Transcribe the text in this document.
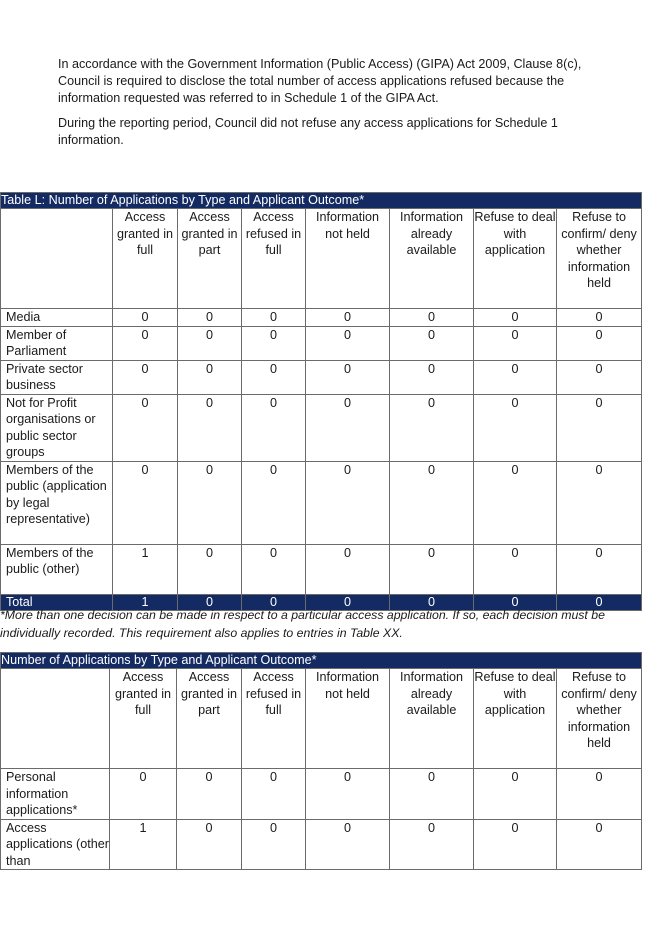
In accordance with the Government Information (Public Access) (GIPA) Act 2009, Clause 8(c), Council is required to disclose the total number of access applications refused because the information requested was referred to in Schedule 1 of the GIPA Act.

During the reporting period, Council did not refuse any access applications for Schedule 1 information.

Table L: Number of Applications by Type and Applicant Outcome*							
	Access granted in full	Access granted in part	Access refused in full	Information not held	Information already available	Refuse to deal with application	Refuse to confirm/ deny whether information held
Media	0	0	0	0	0	0	0
Member of Parliament	0	0	0	0	0	0	0
Private sector business	0	0	0	0	0	0	0
Not for Profit organisations or public sector groups	0	0	0	0	0	0	0
Members of the public (application by legal representative)	0	0	0	0	0	0	0
Members of the public (other)	1	0	0	0	0	0	0
Total	1	0	0	0	0	0	0
*More than one decision can be made in respect to a particular access application. If so, each decision must be individually recorded. This requirement also applies to entries in Table XX.
Number of Applications by Type and Applicant Outcome*							
	Access granted in full	Access granted in part	Access refused in full	Information not held	Information already available	Refuse to deal with application	Refuse to confirm/ deny whether information held
Personal information applications*	0	0	0	0	0	0	0
Access applications (other than	1	0	0	0	0	0	0
